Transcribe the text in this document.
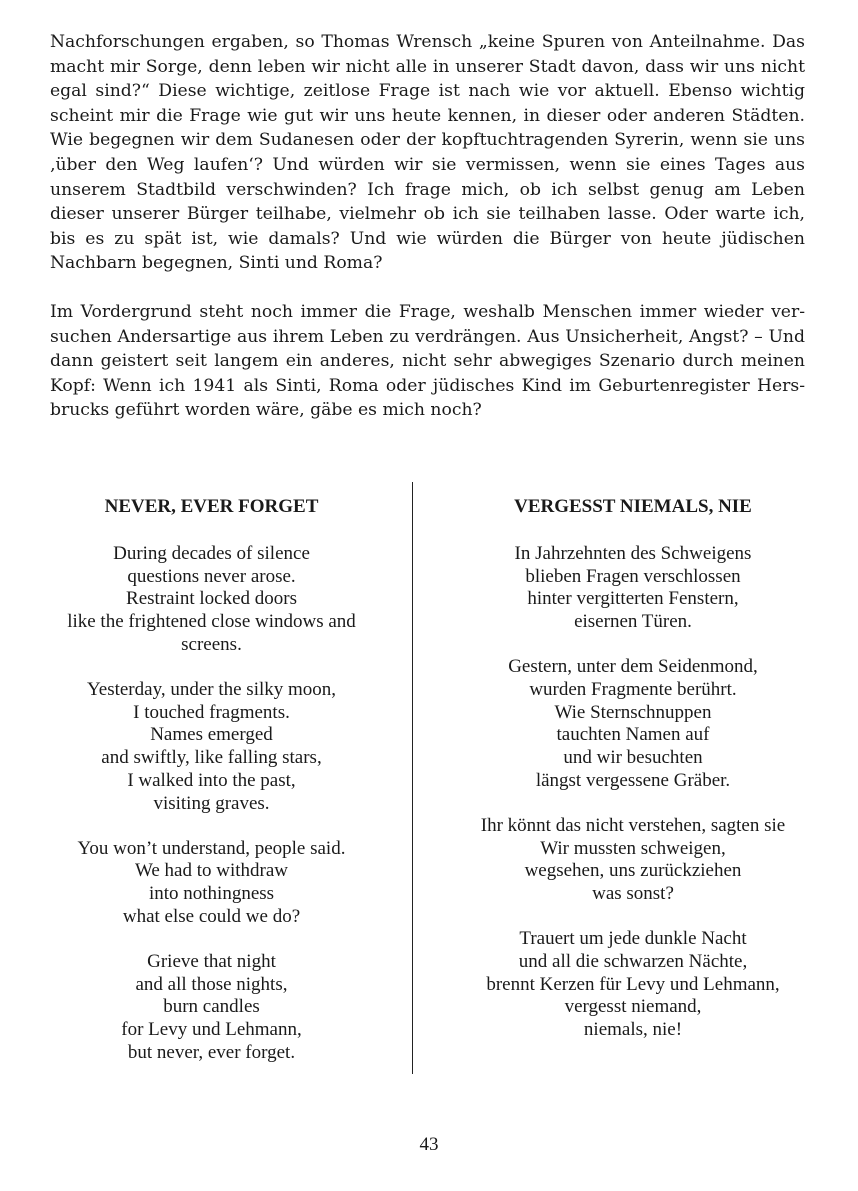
Nachforschungen ergaben, so Thomas Wrensch „keine Spuren von Anteilnahme. Das macht mir Sorge, denn leben wir nicht alle in unserer Stadt davon, dass wir uns nicht egal sind?“ Diese wichtige, zeitlose Frage ist nach wie vor aktuell. Ebenso wichtig scheint mir die Frage wie gut wir uns heute kennen, in dieser oder anderen Städten. Wie begegnen wir dem Sudanesen oder der kopftuchtragenden Syrerin, wenn sie uns ‚über den Weg laufen‘? Und würden wir sie vermissen, wenn sie eines Tages aus unserem Stadtbild verschwinden? Ich frage mich, ob ich selbst genug am Leben dieser unserer Bürger teilhabe, vielmehr ob ich sie teilhaben lasse. Oder warte ich, bis es zu spät ist, wie damals? Und wie würden die Bürger von heute jüdischen Nachbarn begegnen, Sinti und Roma?

Im Vordergrund steht noch immer die Frage, weshalb Menschen immer wieder versuchen Andersartige aus ihrem Leben zu verdrängen. Aus Unsicherheit, Angst? – Und dann geistert seit langem ein anderes, nicht sehr abwegiges Szenario durch meinen Kopf: Wenn ich 1941 als Sinti, Roma oder jüdisches Kind im Geburtenregister Hersbrucks geführt worden wäre, gäbe es mich noch?

NEVER, EVER FORGET
During decades of silence
questions never arose.
Restraint locked doors
like the frightened close windows and
screens.
Yesterday, under the silky moon,
I touched fragments.
Names emerged
and swiftly, like falling stars,
I walked into the past,
visiting graves.
You won’t understand, people said.
We had to withdraw
into nothingness
what else could we do?
Grieve that night
and all those nights,
burn candles
for Levy und Lehmann,
but never, ever forget.
VERGESST NIEMALS, NIE
In Jahrzehnten des Schweigens
blieben Fragen verschlossen
hinter vergitterten Fenstern,
eisernen Türen.
Gestern, unter dem Seidenmond,
wurden Fragmente berührt.
Wie Sternschnuppen
tauchten Namen auf
und wir besuchten
längst vergessene Gräber.
Ihr könnt das nicht verstehen, sagten sie
Wir mussten schweigen,
wegsehen, uns zurückziehen
was sonst?
Trauert um jede dunkle Nacht
und all die schwarzen Nächte,
brennt Kerzen für Levy und Lehmann,
vergesst niemand,
niemals, nie!
43
